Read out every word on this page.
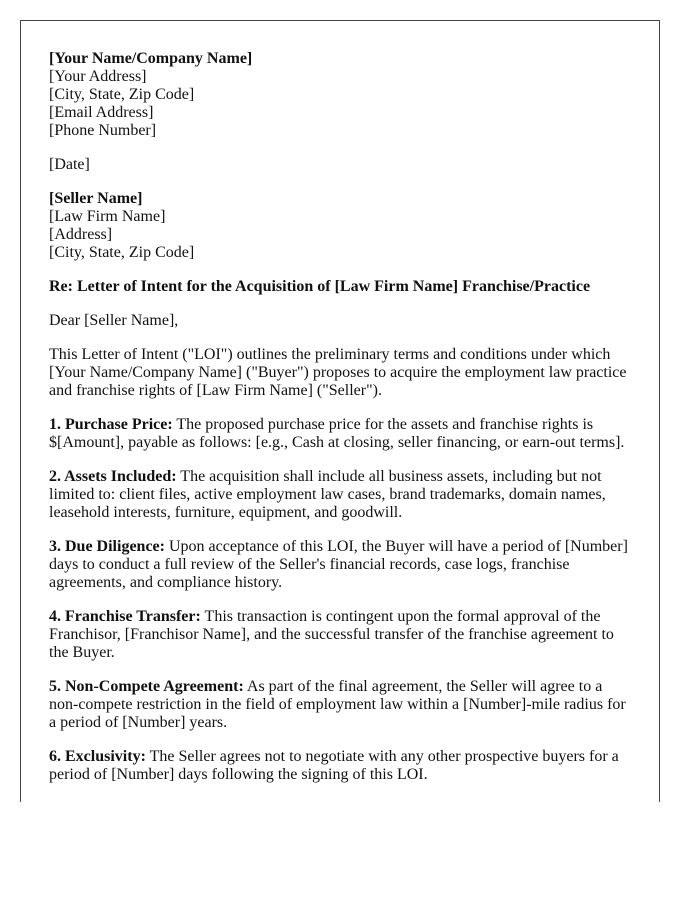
[Your Name/Company Name]
[Your Address]
[City, State, Zip Code]
[Email Address]
[Phone Number]

[Date]

[Seller Name]
[Law Firm Name]
[Address]
[City, State, Zip Code]

Re: Letter of Intent for the Acquisition of [Law Firm Name] Franchise/Practice

Dear [Seller Name],

This Letter of Intent ("LOI") outlines the preliminary terms and conditions under which [Your Name/Company Name] ("Buyer") proposes to acquire the employment law practice and franchise rights of [Law Firm Name] ("Seller").

1. Purchase Price: The proposed purchase price for the assets and franchise rights is $[Amount], payable as follows: [e.g., Cash at closing, seller financing, or earn-out terms].

2. Assets Included: The acquisition shall include all business assets, including but not limited to: client files, active employment law cases, brand trademarks, domain names, leasehold interests, furniture, equipment, and goodwill.

3. Due Diligence: Upon acceptance of this LOI, the Buyer will have a period of [Number] days to conduct a full review of the Seller's financial records, case logs, franchise agreements, and compliance history.

4. Franchise Transfer: This transaction is contingent upon the formal approval of the Franchisor, [Franchisor Name], and the successful transfer of the franchise agreement to the Buyer.

5. Non-Compete Agreement: As part of the final agreement, the Seller will agree to a non-compete restriction in the field of employment law within a [Number]-mile radius for a period of [Number] years.

6. Exclusivity: The Seller agrees not to negotiate with any other prospective buyers for a period of [Number] days following the signing of this LOI.
